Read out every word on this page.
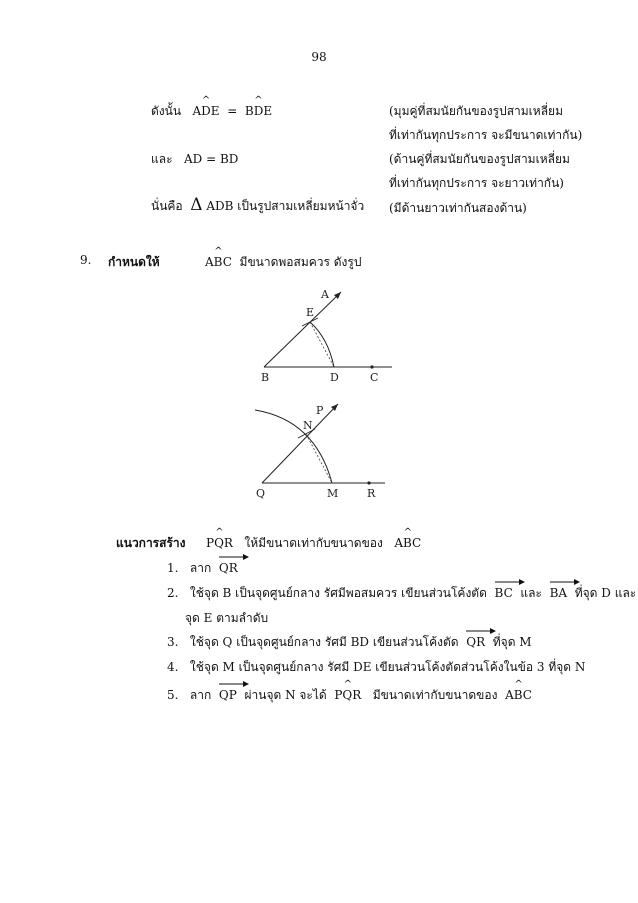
98
ดังนั้น ^ ADE = ^ BDE	(มุมคู่ที่สมนัยกันของรูปสามเหลี่ยม
ที่เท่ากันทุกประการ จะมีขนาดเท่ากัน)
และ AD = BD	(ด้านคู่ที่สมนัยกันของรูปสามเหลี่ยม
ที่เท่ากันทุกประการ จะยาวเท่ากัน)
นั่นคือ Δ ADB เป็นรูปสามเหลี่ยมหน้าจั่ว (มีด้านยาวเท่ากันสองด้าน)
9. กำหนดให้	^ ABC มีขนาดพอสมควร ดังรูป
A
E
B	D	C
P
N
Q	M	R
แนวการสร้าง ^ PQR ให้มีขนาดเท่ากับขนาดของ ^ ABC
1. ลาก QR
2. ใช้จุด B เป็นจุดศูนย์กลาง รัศมีพอสมควร เขียนส่วนโค้งตัด BC และ BA ที่จุด D และ
จุด E ตามลำดับ
3. ใช้จุด Q เป็นจุดศูนย์กลาง รัศมี BD เขียนส่วนโค้งตัด QR ที่จุด M
4. ใช้จุด M เป็นจุดศูนย์กลาง รัศมี DE เขียนส่วนโค้งตัดส่วนโค้งในข้อ 3 ที่จุด N
5. ลาก QP ผ่านจุด N จะได้ ^ PQR มีขนาดเท่ากับขนาดของ ^ ABC
